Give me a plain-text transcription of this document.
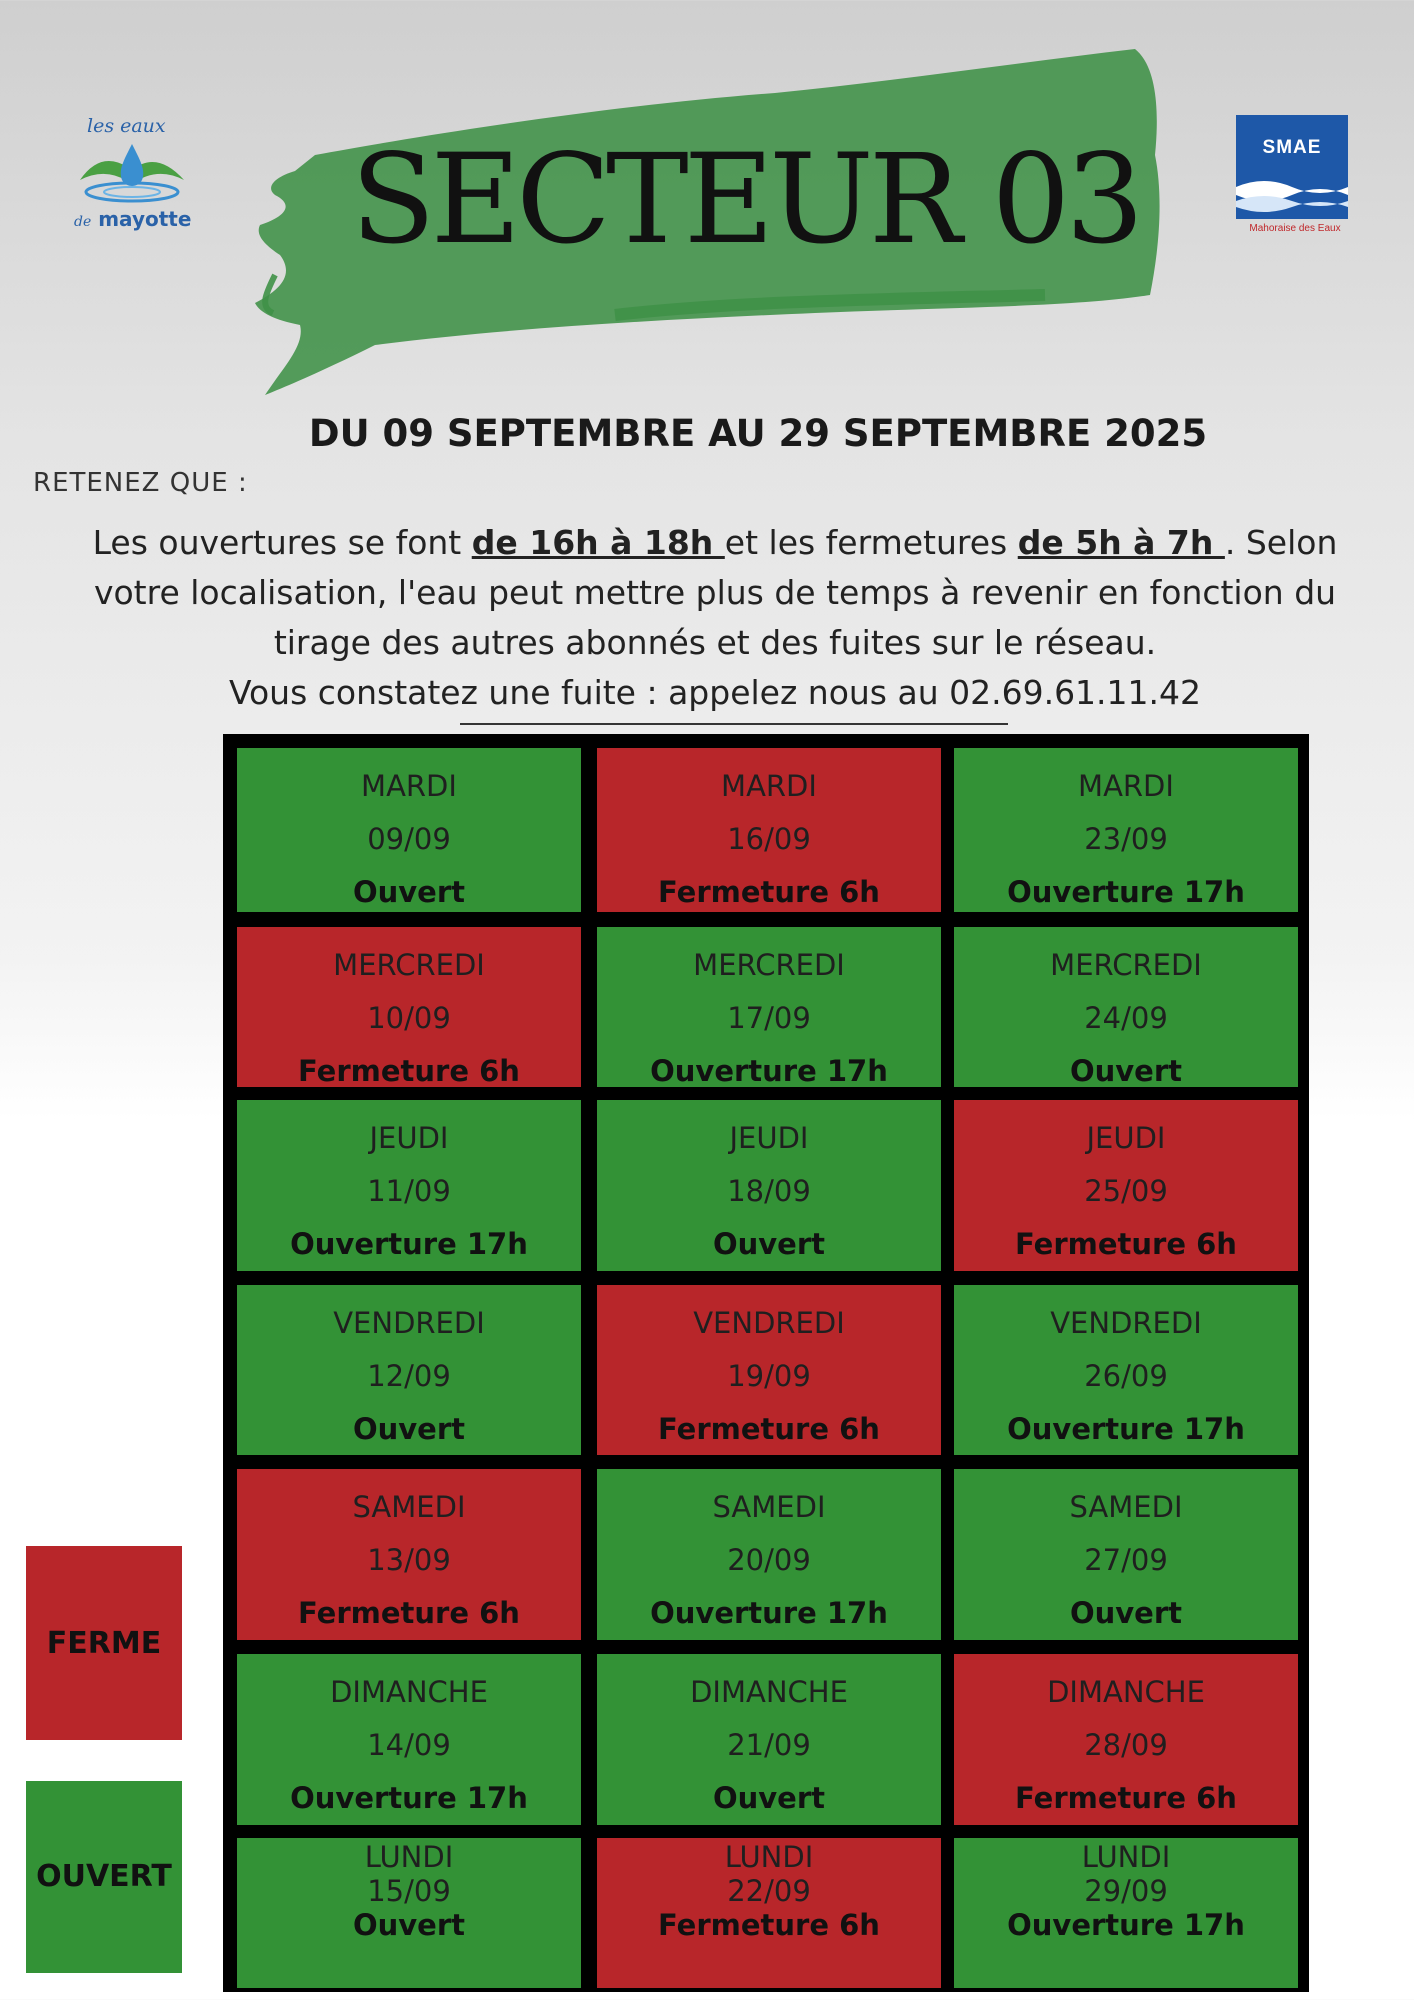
les eaux
de mayotte
SMAE
Mahoraise des Eaux
SECTEUR 03
DU 09 SEPTEMBRE AU 29 SEPTEMBRE 2025

RETENEZ QUE :

Les ouvertures se font de 16h à 18h et les fermetures de 5h à 7h . Selon votre localisation, l'eau peut mettre plus de temps à revenir en fonction du tirage des autres abonnés et des fuites sur le réseau.
Vous constatez une fuite : appelez nous au 02.69.61.11.42

MARDI
09/09
Ouvert
MARDI
16/09
Fermeture 6h
MARDI
23/09
Ouverture 17h
MERCREDI
10/09
Fermeture 6h
MERCREDI
17/09
Ouverture 17h
MERCREDI
24/09
Ouvert
JEUDI
11/09
Ouverture 17h
JEUDI
18/09
Ouvert
JEUDI
25/09
Fermeture 6h
VENDREDI
12/09
Ouvert
VENDREDI
19/09
Fermeture 6h
VENDREDI
26/09
Ouverture 17h
SAMEDI
13/09
Fermeture 6h
SAMEDI
20/09
Ouverture 17h
SAMEDI
27/09
Ouvert
DIMANCHE
14/09
Ouverture 17h
DIMANCHE
21/09
Ouvert
DIMANCHE
28/09
Fermeture 6h
LUNDI
15/09
Ouvert
LUNDI
22/09
Fermeture 6h
LUNDI
29/09
Ouverture 17h
FERME
OUVERT
